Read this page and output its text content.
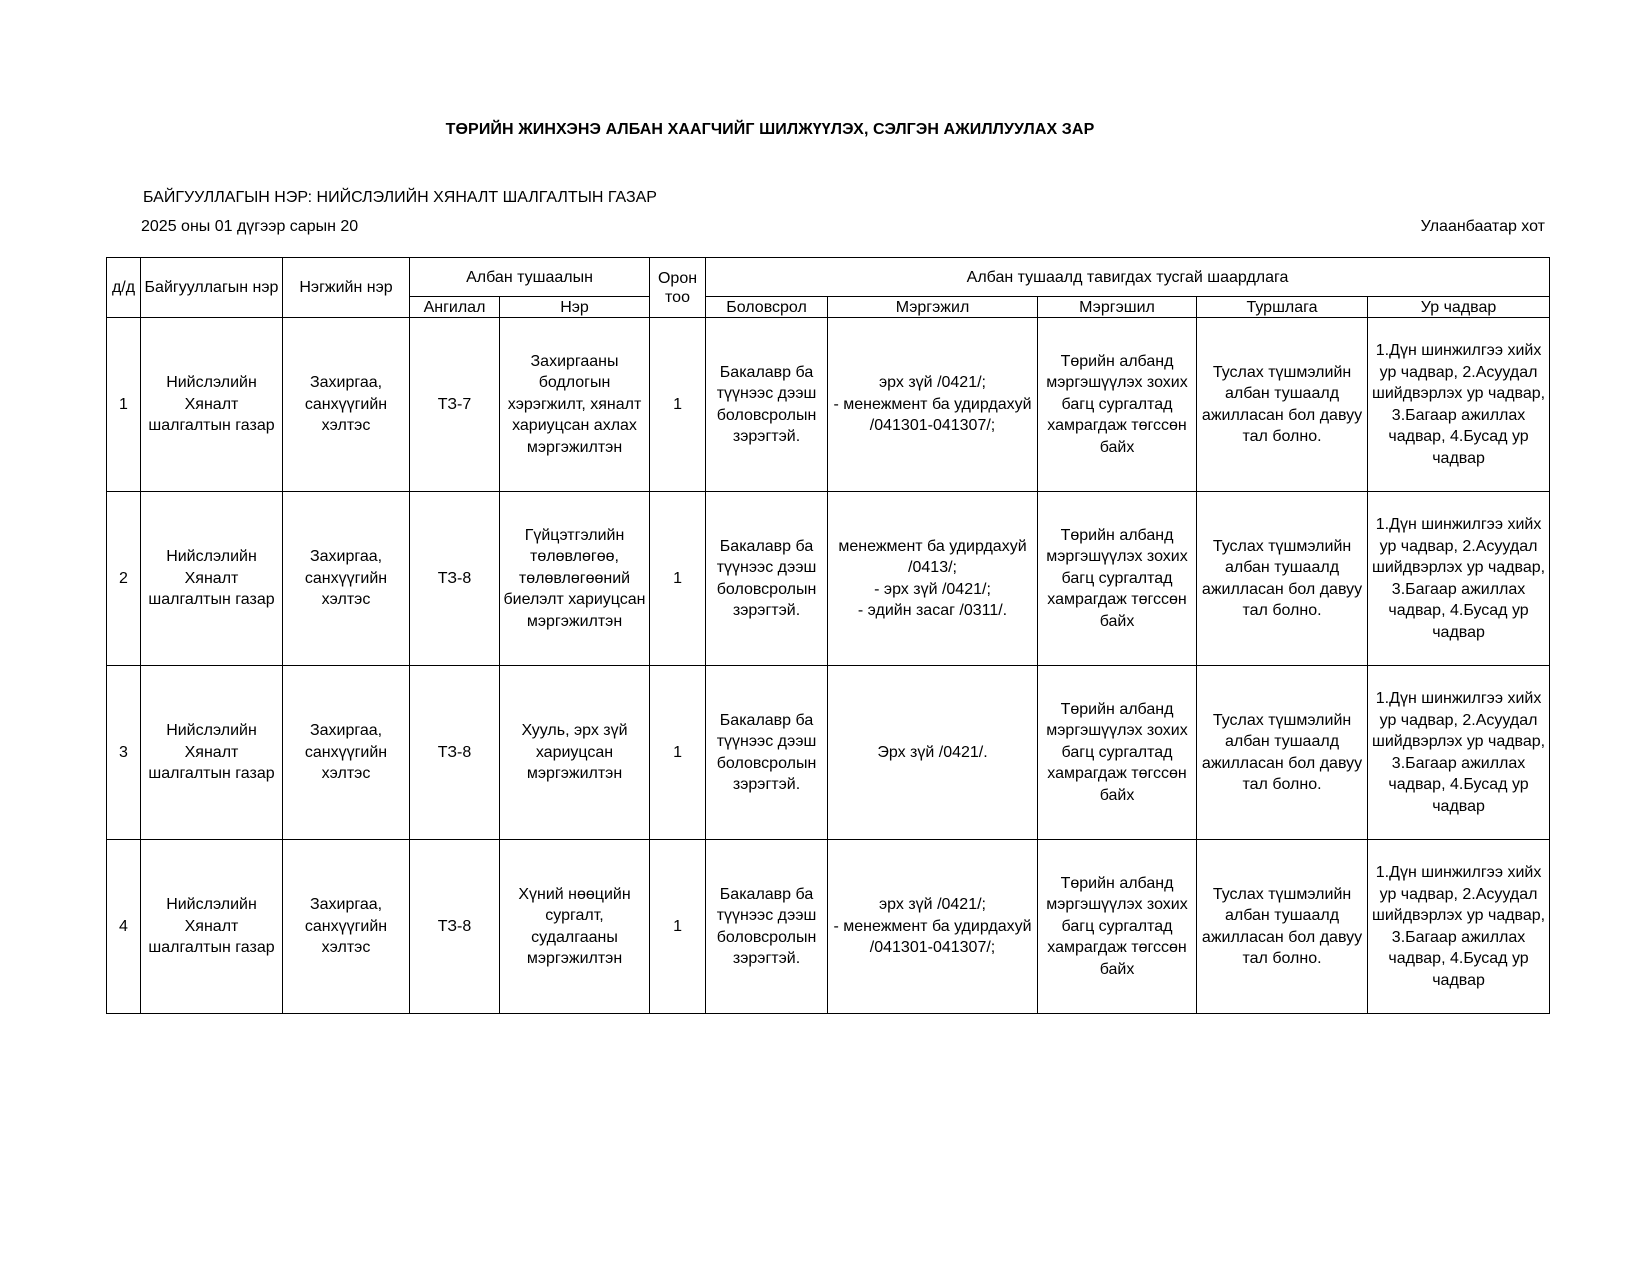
ТӨРИЙН ЖИНХЭНЭ АЛБАН ХААГЧИЙГ ШИЛЖҮҮЛЭХ, СЭЛГЭН АЖИЛЛУУЛАХ ЗАР
БАЙГУУЛЛАГЫН НЭР: НИЙСЛЭЛИЙН ХЯНАЛТ ШАЛГАЛТЫН ГАЗАР
2025 оны 01 дүгээр сарын 20	Улаанбаатар хот
д/д	Байгууллагын нэр	Нэгжийн нэр	Албан тушаалын		Орон тоо	Албан тушаалд тавигдах тусгай шаардлага				
			Ангилал	Нэр		Боловсрол	Мэргэжил	Мэргэшил	Туршлага	Ур чадвар
1	Нийслэлийн Хяналт шалгалтын газар	Захиргаа, санхүүгийн хэлтэс	ТЗ-7	Захиргааны бодлогын хэрэгжилт, хяналт хариуцсан ахлах мэргэжилтэн	1	Бакалавр ба түүнээс дээш боловсролын зэрэгтэй.	эрх зүй /0421/;
- менежмент ба удирдахуй /041301-041307/;	Төрийн албанд мэргэшүүлэх зохих багц сургалтад хамрагдаж төгссөн байх	Туслах түшмэлийн албан тушаалд ажилласан бол давуу тал болно.	1.Дүн шинжилгээ хийх ур чадвар, 2.Асуудал шийдвэрлэх ур чадвар, 3.Багаар ажиллах чадвар, 4.Бусад ур чадвар
2	Нийслэлийн Хяналт шалгалтын газар	Захиргаа, санхүүгийн хэлтэс	ТЗ-8	Гүйцэтгэлийн төлөвлөгөө, төлөвлөгөөний биелэлт хариуцсан мэргэжилтэн	1	Бакалавр ба түүнээс дээш боловсролын зэрэгтэй.	менежмент ба удирдахуй /0413/;
- эрх зүй /0421/;
- эдийн засаг /0311/.	Төрийн албанд мэргэшүүлэх зохих багц сургалтад хамрагдаж төгссөн байх	Туслах түшмэлийн албан тушаалд ажилласан бол давуу тал болно.	1.Дүн шинжилгээ хийх ур чадвар, 2.Асуудал шийдвэрлэх ур чадвар, 3.Багаар ажиллах чадвар, 4.Бусад ур чадвар
3	Нийслэлийн Хяналт шалгалтын газар	Захиргаа, санхүүгийн хэлтэс	ТЗ-8	Хууль, эрх зүй хариуцсан мэргэжилтэн	1	Бакалавр ба түүнээс дээш боловсролын зэрэгтэй.	Эрх зүй /0421/.	Төрийн албанд мэргэшүүлэх зохих багц сургалтад хамрагдаж төгссөн байх	Туслах түшмэлийн албан тушаалд ажилласан бол давуу тал болно.	1.Дүн шинжилгээ хийх ур чадвар, 2.Асуудал шийдвэрлэх ур чадвар, 3.Багаар ажиллах чадвар, 4.Бусад ур чадвар
4	Нийслэлийн Хяналт шалгалтын газар	Захиргаа, санхүүгийн хэлтэс	ТЗ-8	Хүний нөөцийн сургалт, судалгааны мэргэжилтэн	1	Бакалавр ба түүнээс дээш боловсролын зэрэгтэй.	эрх зүй /0421/;
- менежмент ба удирдахуй /041301-041307/;	Төрийн албанд мэргэшүүлэх зохих багц сургалтад хамрагдаж төгссөн байх	Туслах түшмэлийн албан тушаалд ажилласан бол давуу тал болно.	1.Дүн шинжилгээ хийх ур чадвар, 2.Асуудал шийдвэрлэх ур чадвар, 3.Багаар ажиллах чадвар, 4.Бусад ур чадвар
